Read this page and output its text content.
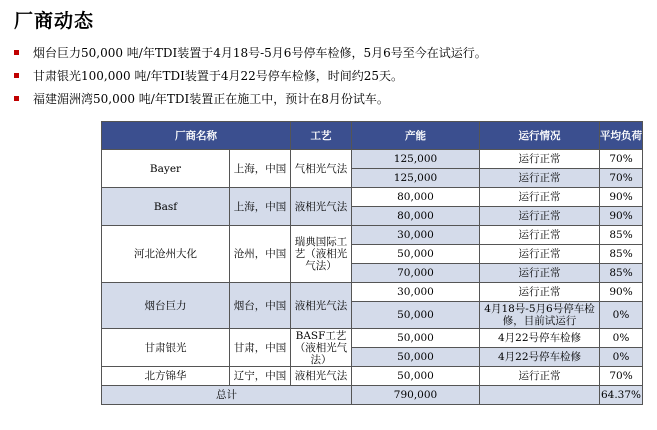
厂商动态
烟台巨力50,000 吨/年TDI装置于4月18号-5月6号停车检修，5月6号至今在试运行。
甘肃银光100,000 吨/年TDI装置于4月22号停车检修，时间约25天。
福建湄洲湾50,000 吨/年TDI装置正在施工中，预计在8月份试车。
厂商名称		工艺	产能	运行情况	平均负荷
Bayer	上海，中国	气相光气法	125,000	运行正常	70%
			125,000	运行正常	70%
Basf	上海，中国	液相光气法	80,000	运行正常	90%
			80,000	运行正常	90%
河北沧州大化	沧州，中国	瑞典国际工艺（液相光气法）	30,000	运行正常	85%
			50,000	运行正常	85%
			70,000	运行正常	85%
烟台巨力	烟台，中国	液相光气法	30,000	运行正常	90%
			50,000	4月18号-5月6号停车检修，目前试运行	0%
甘肃银光	甘肃，中国	BASF工艺（液相光气法）	50,000	4月22号停车检修	0%
			50,000	4月22号停车检修	0%
北方锦华	辽宁，中国	液相光气法	50,000	运行正常	70%
总计			790,000		64.37%
